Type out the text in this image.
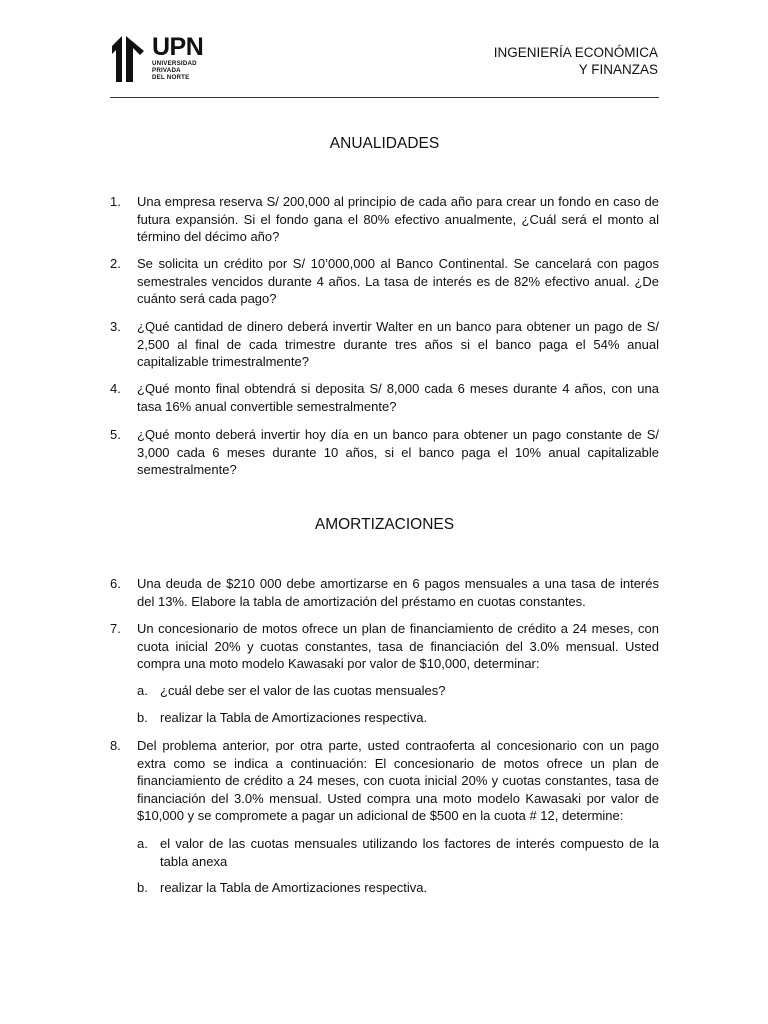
UPN
UNIVERSIDAD
PRIVADA
DEL NORTE
INGENIERÍA ECONÓMICA
Y FINANZAS
ANUALIDADES
1.	Una empresa reserva S/ 200,000 al principio de cada año para crear un fondo en caso de futura expansión. Si el fondo gana el 80% efectivo anualmente, ¿Cuál será el monto al término del décimo año?
2.	Se solicita un crédito por S/ 10’000,000 al Banco Continental. Se cancelará con pagos semestrales vencidos durante 4 años. La tasa de interés es de 82% efectivo anual. ¿De cuánto será cada pago?
3.	¿Qué cantidad de dinero deberá invertir Walter en un banco para obtener un pago de S/ 2,500 al final de cada trimestre durante tres años si el banco paga el 54% anual capitalizable trimestralmente?
4.	¿Qué monto final obtendrá si deposita S/ 8,000 cada 6 meses durante 4 años, con una tasa 16% anual convertible semestralmente?
5.	¿Qué monto deberá invertir hoy día en un banco para obtener un pago constante de S/ 3,000 cada 6 meses durante 10 años, si el banco paga el 10% anual capitalizable semestralmente?
AMORTIZACIONES
6.	Una deuda de $210 000 debe amortizarse en 6 pagos mensuales a una tasa de interés del 13%. Elabore la tabla de amortización del préstamo en cuotas constantes.
7.	Un concesionario de motos ofrece un plan de financiamiento de crédito a 24 meses, con cuota inicial 20% y cuotas constantes, tasa de financiación del 3.0% mensual. Usted compra una moto modelo Kawasaki por valor de $10,000, determinar:
a. ¿cuál debe ser el valor de las cuotas mensuales?
b. realizar la Tabla de Amortizaciones respectiva.
8.	Del problema anterior, por otra parte, usted contraoferta al concesionario con un pago extra como se indica a continuación: El concesionario de motos ofrece un plan de financiamiento de crédito a 24 meses, con cuota inicial 20% y cuotas constantes, tasa de financiación del 3.0% mensual. Usted compra una moto modelo Kawasaki por valor de $10,000 y se compromete a pagar un adicional de $500 en la cuota # 12, determine:
a. el valor de las cuotas mensuales utilizando los factores de interés compuesto de la tabla anexa
b. realizar la Tabla de Amortizaciones respectiva.
